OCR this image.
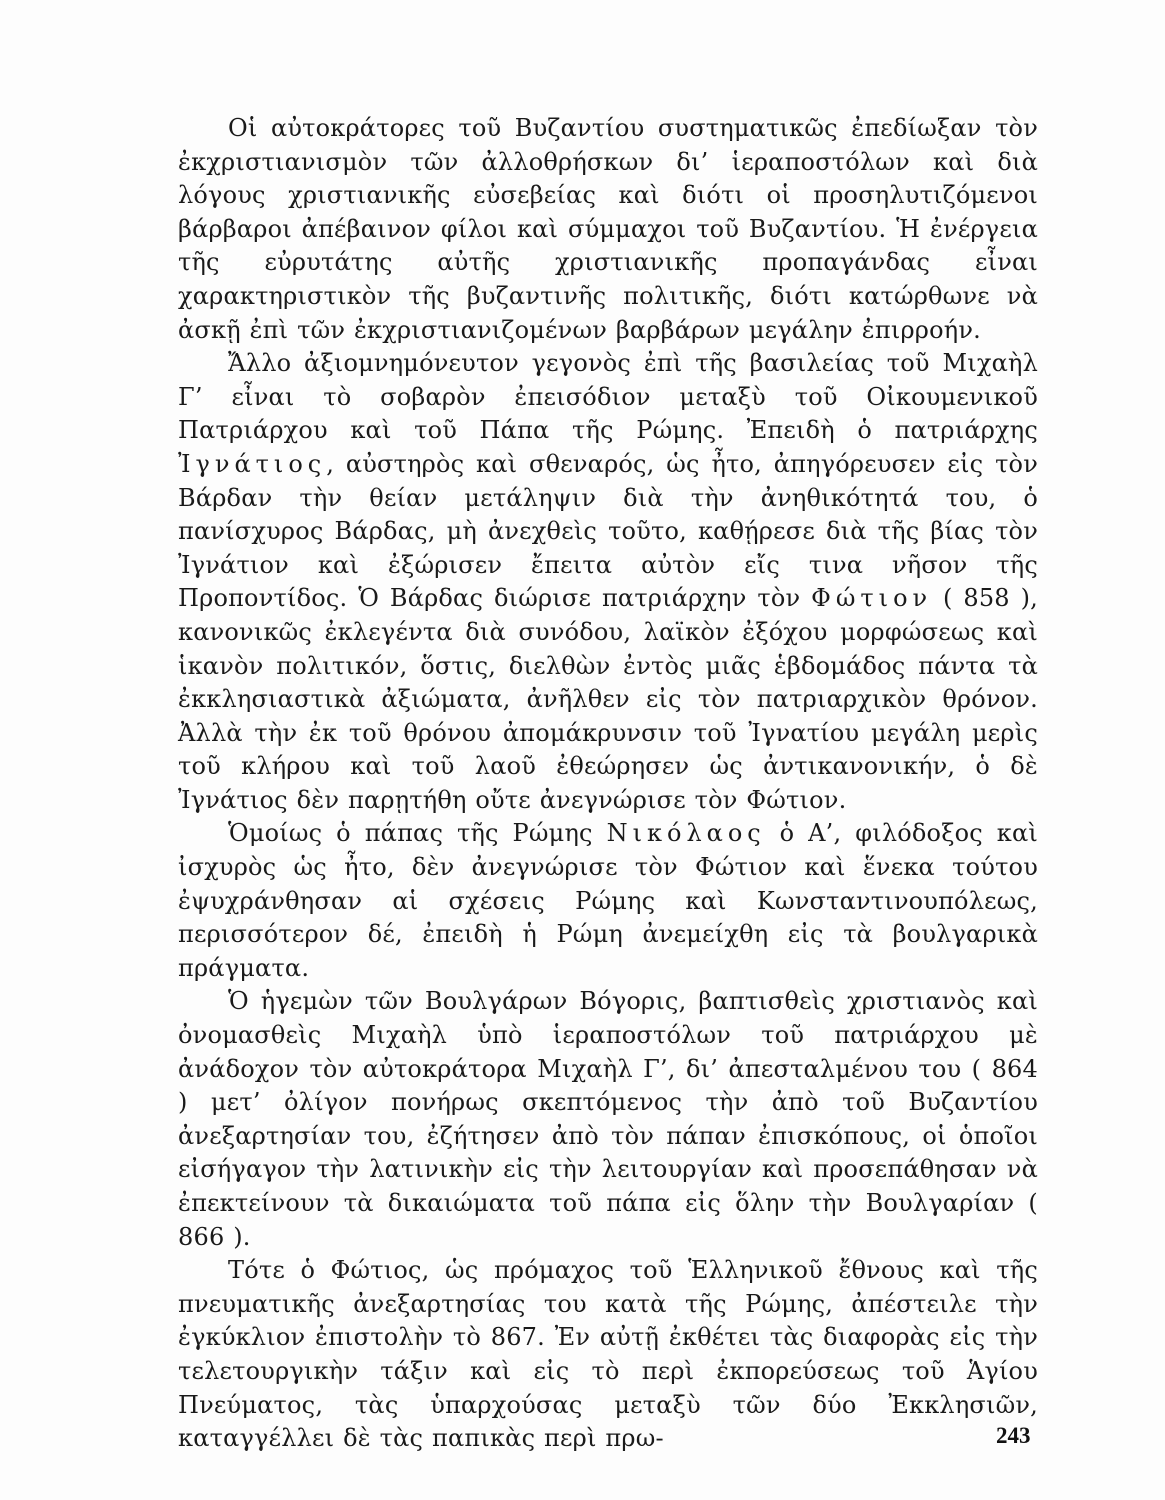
Οἱ αὐτοκράτορες τοῦ Βυζαντίου συστηματικῶς ἐπεδίωξαν τὸν ἐκχριστιανισμὸν τῶν ἀλλοθρήσκων δι’ ἱεραποστόλων καὶ διὰ λόγους χριστιανικῆς εὐσεβείας καὶ διότι οἱ προσηλυτιζόμενοι βάρβαροι ἀπέβαινον φίλοι καὶ σύμμαχοι τοῦ Βυζαντίου. Ἡ ἐνέργεια τῆς εὐρυτάτης αὐτῆς χριστιανικῆς προπαγάνδας εἶναι χαρακτηριστικὸν τῆς βυζαντινῆς πολιτικῆς, διότι κατώρθωνε νὰ ἀσκῇ ἐπὶ τῶν ἐκχριστιανιζομένων βαρβάρων μεγάλην ἐπιρροήν.

Ἄλλο ἀξιομνημόνευτον γεγονὸς ἐπὶ τῆς βασιλείας τοῦ Μιχαὴλ Γ’ εἶναι τὸ σοβαρὸν ἐπεισόδιον μεταξὺ τοῦ Οἰκουμενικοῦ Πατριάρχου καὶ τοῦ Πάπα τῆς Ρώμης. Ἐπειδὴ ὁ πατριάρχης Ἰγνάτιος, αὐστηρὸς καὶ σθεναρός, ὡς ἦτο, ἀπηγόρευσεν εἰς τὸν Βάρδαν τὴν θείαν μετάληψιν διὰ τὴν ἀνηθικότητά του, ὁ πανίσχυρος Βάρδας, μὴ ἀνεχθεὶς τοῦτο, καθῄρεσε διὰ τῆς βίας τὸν Ἰγνάτιον καὶ ἐξώρισεν ἔπειτα αὐτὸν εἴς τινα νῆσον τῆς Προποντίδος. Ὁ Βάρδας διώρισε πατριάρχην τὸν Φώτιον ( 858 ), κανονικῶς ἐκλεγέντα διὰ συνόδου, λαϊκὸν ἐξόχου μορφώσεως καὶ ἱκανὸν πολιτικόν, ὅστις, διελθὼν ἐντὸς μιᾶς ἑβδομάδος πάντα τὰ ἐκκλησιαστικὰ ἀξιώματα, ἀνῆλθεν εἰς τὸν πατριαρχικὸν θρόνον. Ἀλλὰ τὴν ἐκ τοῦ θρόνου ἀπομάκρυνσιν τοῦ Ἰγνατίου μεγάλη μερὶς τοῦ κλήρου καὶ τοῦ λαοῦ ἐθεώρησεν ὡς ἀντικανονικήν, ὁ δὲ Ἰγνάτιος δὲν παρῃτήθη οὔτε ἀνεγνώρισε τὸν Φώτιον.

Ὁμοίως ὁ πάπας τῆς Ρώμης Νικόλαος ὁ Α’, φιλόδοξος καὶ ἰσχυρὸς ὡς ἦτο, δὲν ἀνεγνώρισε τὸν Φώτιον καὶ ἕνεκα τούτου ἐψυχράνθησαν αἱ σχέσεις Ρώμης καὶ Κωνσταντινουπόλεως, περισσότερον δέ, ἐπειδὴ ἡ Ρώμη ἀνεμείχθη εἰς τὰ βουλγαρικὰ πράγματα.

Ὁ ἡγεμὼν τῶν Βουλγάρων Βόγορις, βαπτισθεὶς χριστιανὸς καὶ ὀνομασθεὶς Μιχαὴλ ὑπὸ ἱεραποστόλων τοῦ πατριάρχου μὲ ἀνάδοχον τὸν αὐτοκράτορα Μιχαὴλ Γ’, δι’ ἀπεσταλμένου του ( 864 ) μετ’ ὀλίγον πονήρως σκεπτόμενος τὴν ἀπὸ τοῦ Βυζαντίου ἀνεξαρτησίαν του, ἐζήτησεν ἀπὸ τὸν πάπαν ἐπισκόπους, οἱ ὁποῖοι εἰσήγαγον τὴν λατινικὴν εἰς τὴν λειτουργίαν καὶ προσεπάθησαν νὰ ἐπεκτείνουν τὰ δικαιώματα τοῦ πάπα εἰς ὅλην τὴν Βουλγαρίαν ( 866 ).

Τότε ὁ Φώτιος, ὡς πρόμαχος τοῦ Ἑλληνικοῦ ἔθνους καὶ τῆς πνευματικῆς ἀνεξαρτησίας του κατὰ τῆς Ρώμης, ἀπέστειλε τὴν ἐγκύκλιον ἐπιστολὴν τὸ 867. Ἐν αὐτῇ ἐκθέτει τὰς διαφορὰς εἰς τὴν τελετουργικὴν τάξιν καὶ εἰς τὸ περὶ ἐκπορεύσεως τοῦ Ἁγίου Πνεύματος, τὰς ὑπαρχούσας μεταξὺ τῶν δύο Ἐκκλησιῶν, καταγγέλλει δὲ τὰς παπικὰς περὶ πρω-	243
